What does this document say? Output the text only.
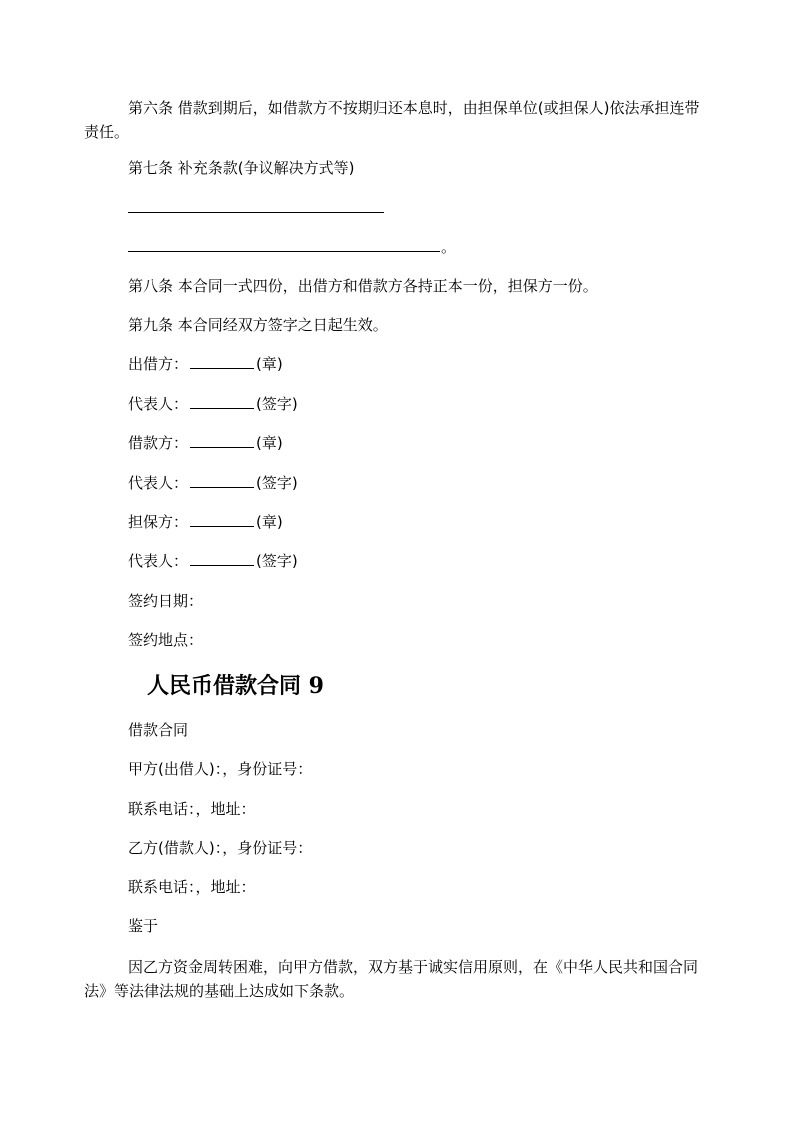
第六条 借款到期后，如借款方不按期归还本息时，由担保单位(或担保人)依法承担连带责任。
第七条 补充条款(争议解决方式等)
。
第八条 本合同一式四份，出借方和借款方各持正本一份，担保方一份。
第九条 本合同经双方签字之日起生效。
出借方：	(章)
代表人：	(签字)
借款方：	(章)
代表人：	(签字)
担保方：	(章)
代表人：	(签字)
签约日期：
签约地点：
人民币借款合同 9
借款合同
甲方(出借人)：，身份证号：
联系电话：，地址：
乙方(借款人)：，身份证号：
联系电话：，地址：
鉴于
因乙方资金周转困难，向甲方借款，双方基于诚实信用原则，在《中华人民共和国合同法》等法律法规的基础上达成如下条款。
